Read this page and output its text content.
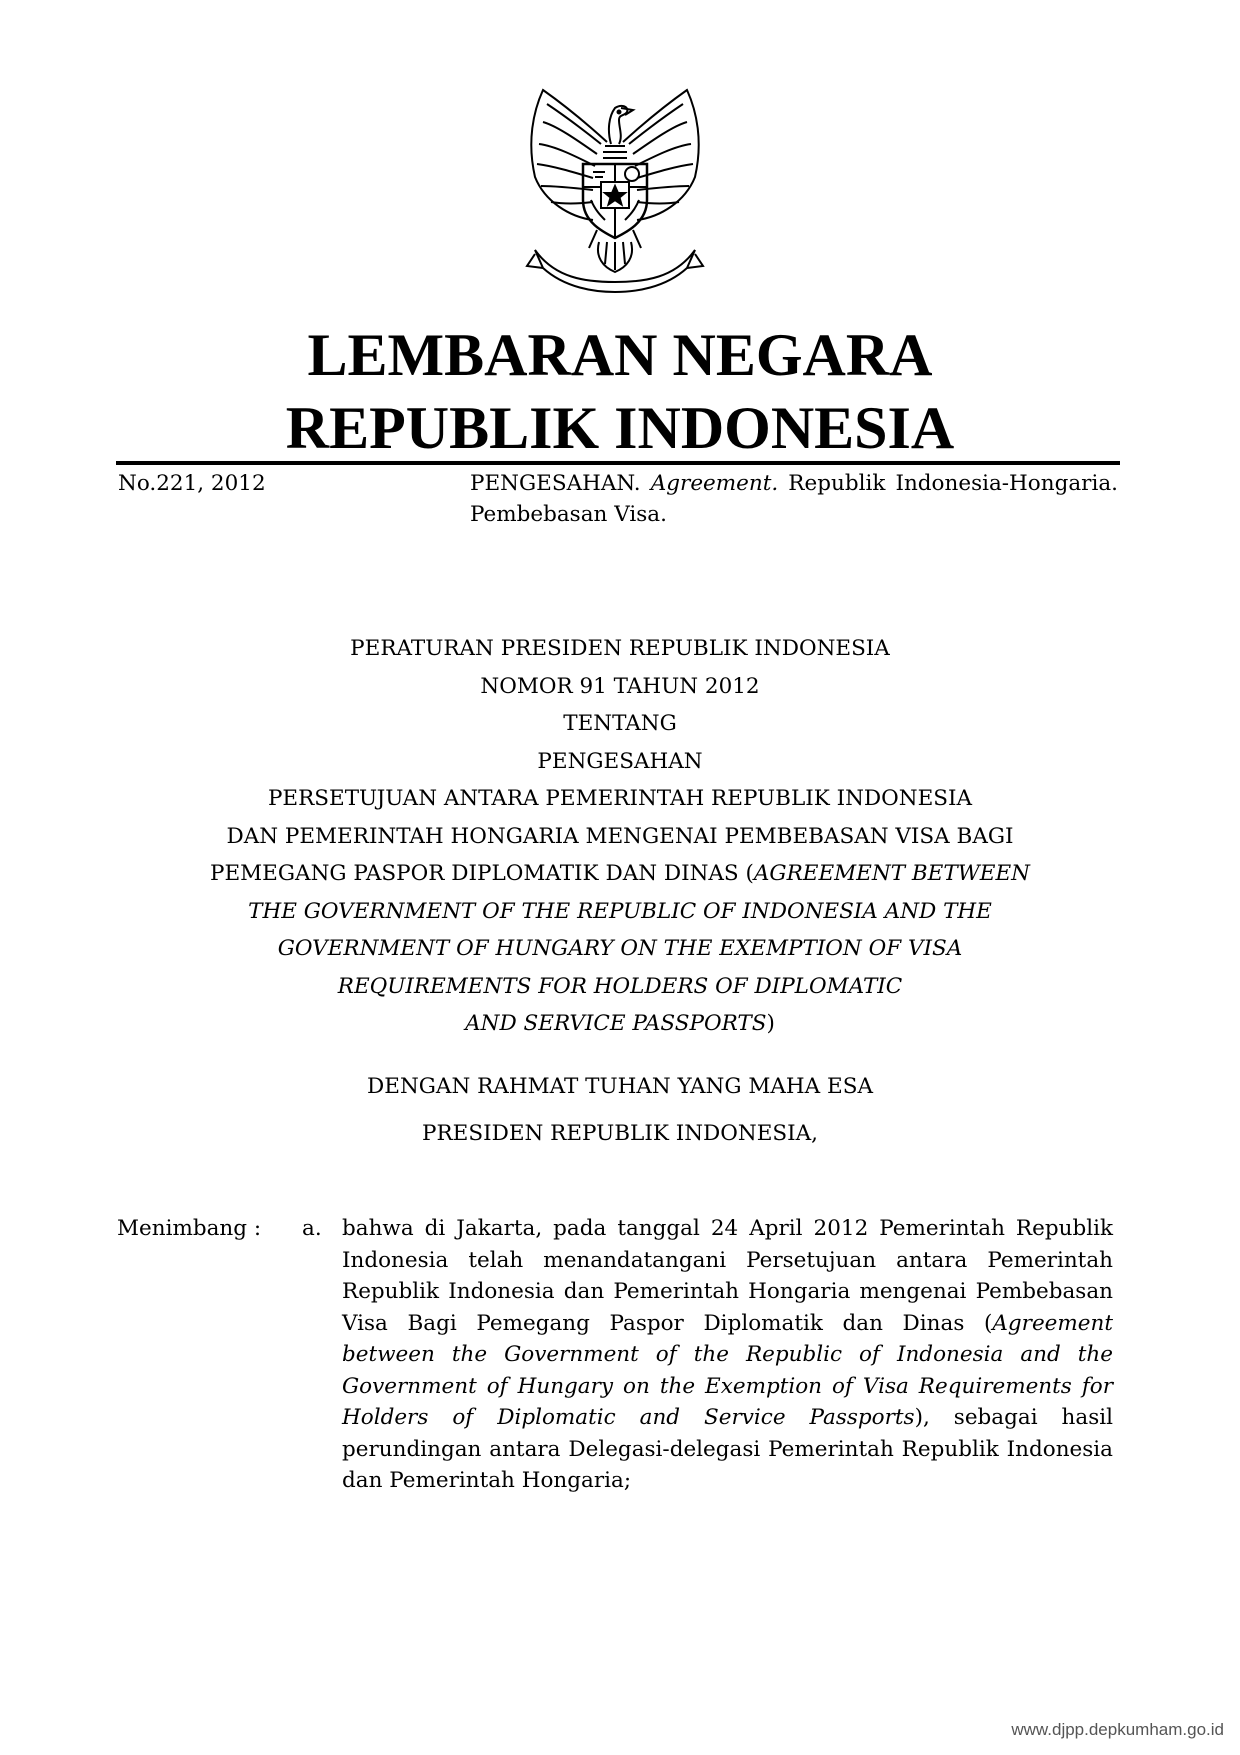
LEMBARAN NEGARA
REPUBLIK INDONESIA
No.221, 2012	PENGESAHAN. Agreement. Republik Indonesia-Hongaria. Pembebasan Visa.
PERATURAN PRESIDEN REPUBLIK INDONESIA
NOMOR 91 TAHUN 2012
TENTANG
PENGESAHAN
PERSETUJUAN ANTARA PEMERINTAH REPUBLIK INDONESIA
DAN PEMERINTAH HONGARIA MENGENAI PEMBEBASAN VISA BAGI
PEMEGANG PASPOR DIPLOMATIK DAN DINAS (AGREEMENT BETWEEN
THE GOVERNMENT OF THE REPUBLIC OF INDONESIA AND THE
GOVERNMENT OF HUNGARY ON THE EXEMPTION OF VISA
REQUIREMENTS FOR HOLDERS OF DIPLOMATIC
AND SERVICE PASSPORTS)
DENGAN RAHMAT TUHAN YANG MAHA ESA
PRESIDEN REPUBLIK INDONESIA,
Menimbang : a. bahwa di Jakarta, pada tanggal 24 April 2012 Pemerintah Republik Indonesia telah menandatangani Persetujuan antara Pemerintah Republik Indonesia dan Pemerintah Hongaria mengenai Pembebasan Visa Bagi Pemegang Paspor Diplomatik dan Dinas (Agreement between the Government of the Republic of Indonesia and the Government of Hungary on the Exemption of Visa Requirements for Holders of Diplomatic and Service Passports), sebagai hasil perundingan antara Delegasi-delegasi Pemerintah Republik Indonesia dan Pemerintah Hongaria;
www.djpp.depkumham.go.id
